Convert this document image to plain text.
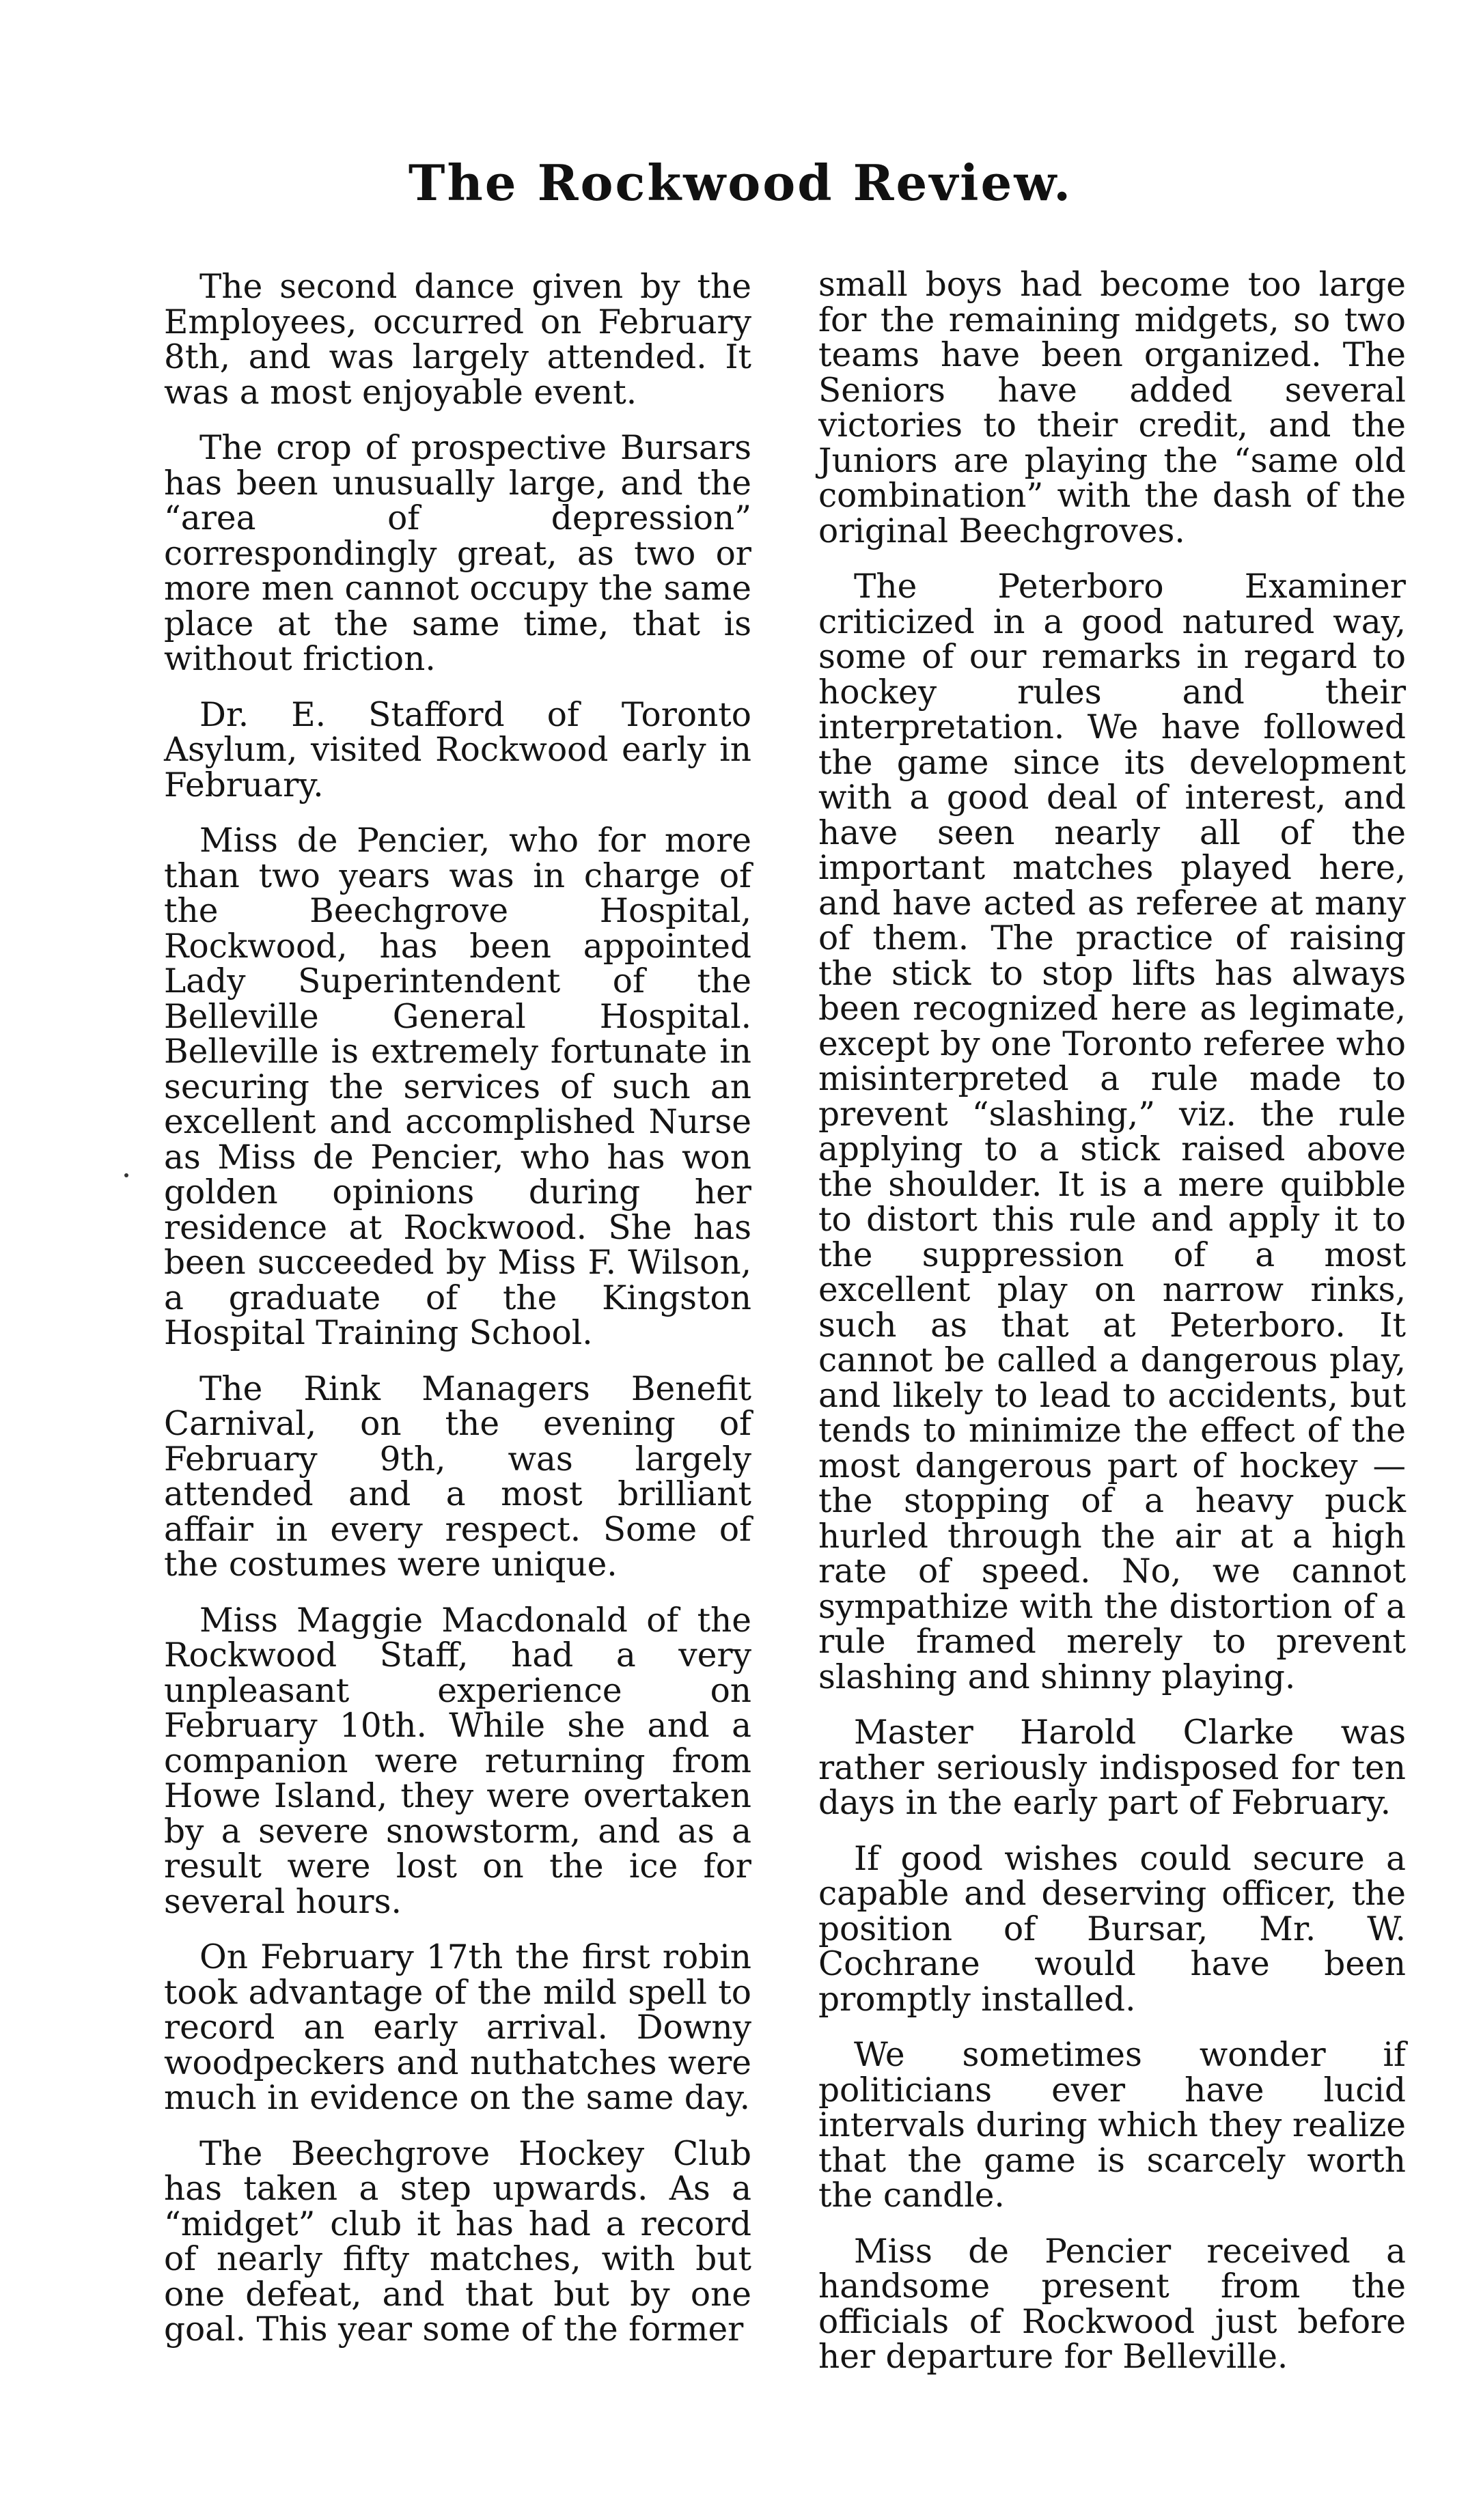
The Rockwood Review.

The second dance given by the Employees, occurred on February 8th, and was largely attended. It was a most enjoyable event.

The crop of prospective Bursars has been unusually large, and the “area of depression” correspondingly great, as two or more men cannot occupy the same place at the same time, that is without friction.

Dr. E. Stafford of Toronto Asylum, visited Rockwood early in February.

Miss de Pencier, who for more than two years was in charge of the Beechgrove Hospital, Rockwood, has been appointed Lady Superintendent of the Belleville General Hospital. Belleville is extremely fortunate in securing the services of such an excellent and accomplished Nurse as Miss de Pencier, who has won golden opinions during her residence at Rockwood. She has been succeeded by Miss F. Wilson, a graduate of the Kingston Hospital Training School.

The Rink Managers Benefit Carnival, on the evening of February 9th, was largely attended and a most brilliant affair in every respect. Some of the costumes were unique.

Miss Maggie Macdonald of the Rockwood Staff, had a very unpleasant experience on February 10th. While she and a companion were returning from Howe Island, they were overtaken by a severe snowstorm, and as a result were lost on the ice for several hours.

On February 17th the first robin took advantage of the mild spell to record an early arrival. Downy woodpeckers and nuthatches were much in evidence on the same day.

The Beechgrove Hockey Club has taken a step upwards. As a “midget” club it has had a record of nearly fifty matches, with but one defeat, and that but by one goal. This year some of the former

small boys had become too large for the remaining midgets, so two teams have been organized. The Seniors have added several victories to their credit, and the Juniors are playing the “same old combination” with the dash of the original Beechgroves.

The Peterboro Examiner criticized in a good natured way, some of our remarks in regard to hockey rules and their interpretation. We have followed the game since its development with a good deal of interest, and have seen nearly all of the important matches played here, and have acted as referee at many of them. The practice of raising the stick to stop lifts has always been recognized here as legimate, except by one Toronto referee who misinterpreted a rule made to prevent “slashing,” viz. the rule applying to a stick raised above the shoulder. It is a mere quibble to distort this rule and apply it to the suppression of a most excellent play on narrow rinks, such as that at Peterboro. It cannot be called a dangerous play, and likely to lead to accidents, but tends to minimize the effect of the most dangerous part of hockey —the stopping of a heavy puck hurled through the air at a high rate of speed. No, we cannot sympathize with the distortion of a rule framed merely to prevent slashing and shinny playing.

Master Harold Clarke was rather seriously indisposed for ten days in the early part of February.

If good wishes could secure a capable and deserving officer, the position of Bursar, Mr. W. Cochrane would have been promptly installed.

We sometimes wonder if politicians ever have lucid intervals during which they realize that the game is scarcely worth the candle.

Miss de Pencier received a handsome present from the officials of Rockwood just before her departure for Belleville.
